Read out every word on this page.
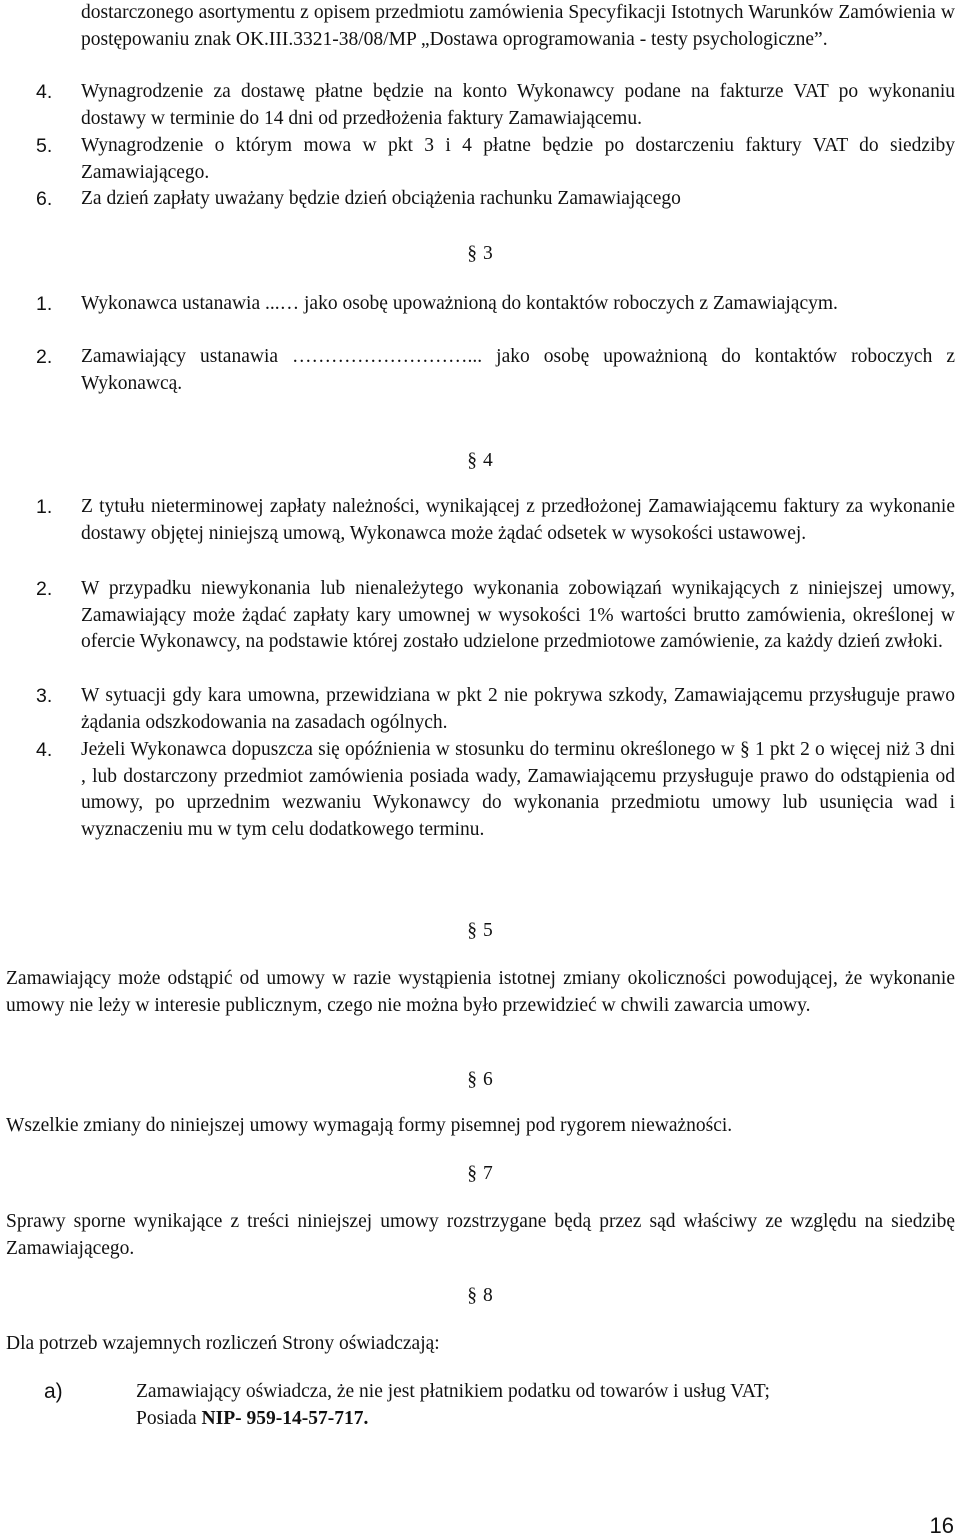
dostarczonego asortymentu z opisem przedmiotu zamówienia Specyfikacji Istotnych Warunków Zamówienia w postępowaniu znak OK.III.3321-38/08/MP „Dostawa oprogramowania - testy psychologiczne”.
4. Wynagrodzenie za dostawę płatne będzie na konto Wykonawcy podane na fakturze VAT po wykonaniu dostawy w terminie do 14 dni od przedłożenia faktury Zamawiającemu.
5. Wynagrodzenie o którym mowa w pkt 3 i 4 płatne będzie po dostarczeniu faktury VAT do siedziby Zamawiającego.
6. Za dzień zapłaty uważany będzie dzień obciążenia rachunku Zamawiającego
§ 3
1. Wykonawca ustanawia ...… jako osobę upoważnioną do kontaktów roboczych z Zamawiającym.
2. Zamawiający ustanawia ………………………... jako osobę upoważnioną do kontaktów roboczych z Wykonawcą.
§ 4
1. Z tytułu nieterminowej zapłaty należności, wynikającej z przedłożonej Zamawiającemu faktury za wykonanie dostawy objętej niniejszą umową, Wykonawca może żądać odsetek w wysokości ustawowej.
2. W przypadku niewykonania lub nienależytego wykonania zobowiązań wynikających z niniejszej umowy, Zamawiający może żądać zapłaty kary umownej w wysokości 1% wartości brutto zamówienia, określonej w ofercie Wykonawcy, na podstawie której zostało udzielone przedmiotowe zamówienie, za każdy dzień zwłoki.
3. W sytuacji gdy kara umowna, przewidziana w pkt 2 nie pokrywa szkody, Zamawiającemu przysługuje prawo żądania odszkodowania na zasadach ogólnych.
4. Jeżeli Wykonawca dopuszcza się opóźnienia w stosunku do terminu określonego w § 1 pkt 2 o więcej niż 3 dni , lub dostarczony przedmiot zamówienia posiada wady, Zamawiającemu przysługuje prawo do odstąpienia od umowy, po uprzednim wezwaniu Wykonawcy do wykonania przedmiotu umowy lub usunięcia wad i wyznaczeniu mu w tym celu dodatkowego terminu.
§ 5
Zamawiający może odstąpić od umowy w razie wystąpienia istotnej zmiany okoliczności powodującej, że wykonanie umowy nie leży w interesie publicznym, czego nie można było przewidzieć w chwili zawarcia umowy.
§ 6
Wszelkie zmiany do niniejszej umowy wymagają formy pisemnej pod rygorem nieważności.
§ 7
Sprawy sporne wynikające z treści niniejszej umowy rozstrzygane będą przez sąd właściwy ze względu na siedzibę Zamawiającego.
§ 8
Dla potrzeb wzajemnych rozliczeń Strony oświadczają:
a)	Zamawiający oświadcza, że nie jest płatnikiem podatku od towarów i usług VAT;
Posiada NIP- 959-14-57-717.
16
